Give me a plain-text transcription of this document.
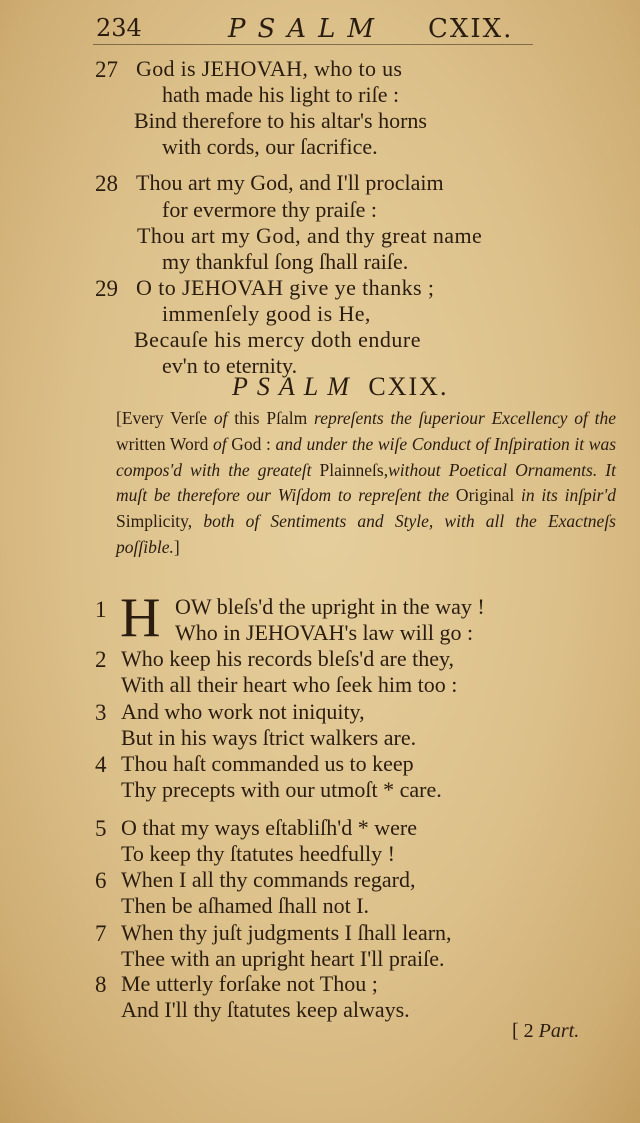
234	PSALM CXIX.
27 God is JEHOVAH, who to us
hath made his light to riſe :
Bind therefore to his altar's horns
with cords, our ſacrifice.
28 Thou art my God, and I'll proclaim
for evermore thy praiſe :
Thou art my God, and thy great name
my thankful ſong ſhall raiſe.
29 O to JEHOVAH give ye thanks ;
immenſely good is He,
Becauſe his mercy doth endure
ev'n to eternity.
PSALM CXIX.
[Every Verſe of this Pſalm repreſents the ſuperiour Excellency of the written Word of God : and under the wiſe Conduct of Inſpiration it was compos'd with the greateſt Plainneſs,without Poetical Ornaments. It muſt be therefore our Wiſdom to repreſent the Original in its inſpir'd Simplicity, both of Sentiments and Style, with all the Exactneſs poſſible.]
1 H OW bleſs'd the upright in the way !
Who in JEHOVAH's law will go :
2 Who keep his records bleſs'd are they,
With all their heart who ſeek him too :
3 And who work not iniquity,
But in his ways ſtrict walkers are.
4 Thou haſt commanded us to keep
Thy precepts with our utmoſt * care.
5 O that my ways eſtabliſh'd * were
To keep thy ſtatutes heedfully !
6 When I all thy commands regard,
Then be aſhamed ſhall not I.
7 When thy juſt judgments I ſhall learn,
Thee with an upright heart I'll praiſe.
8 Me utterly forſake not Thou ;
And I'll thy ſtatutes keep always.
[ 2 Part.
